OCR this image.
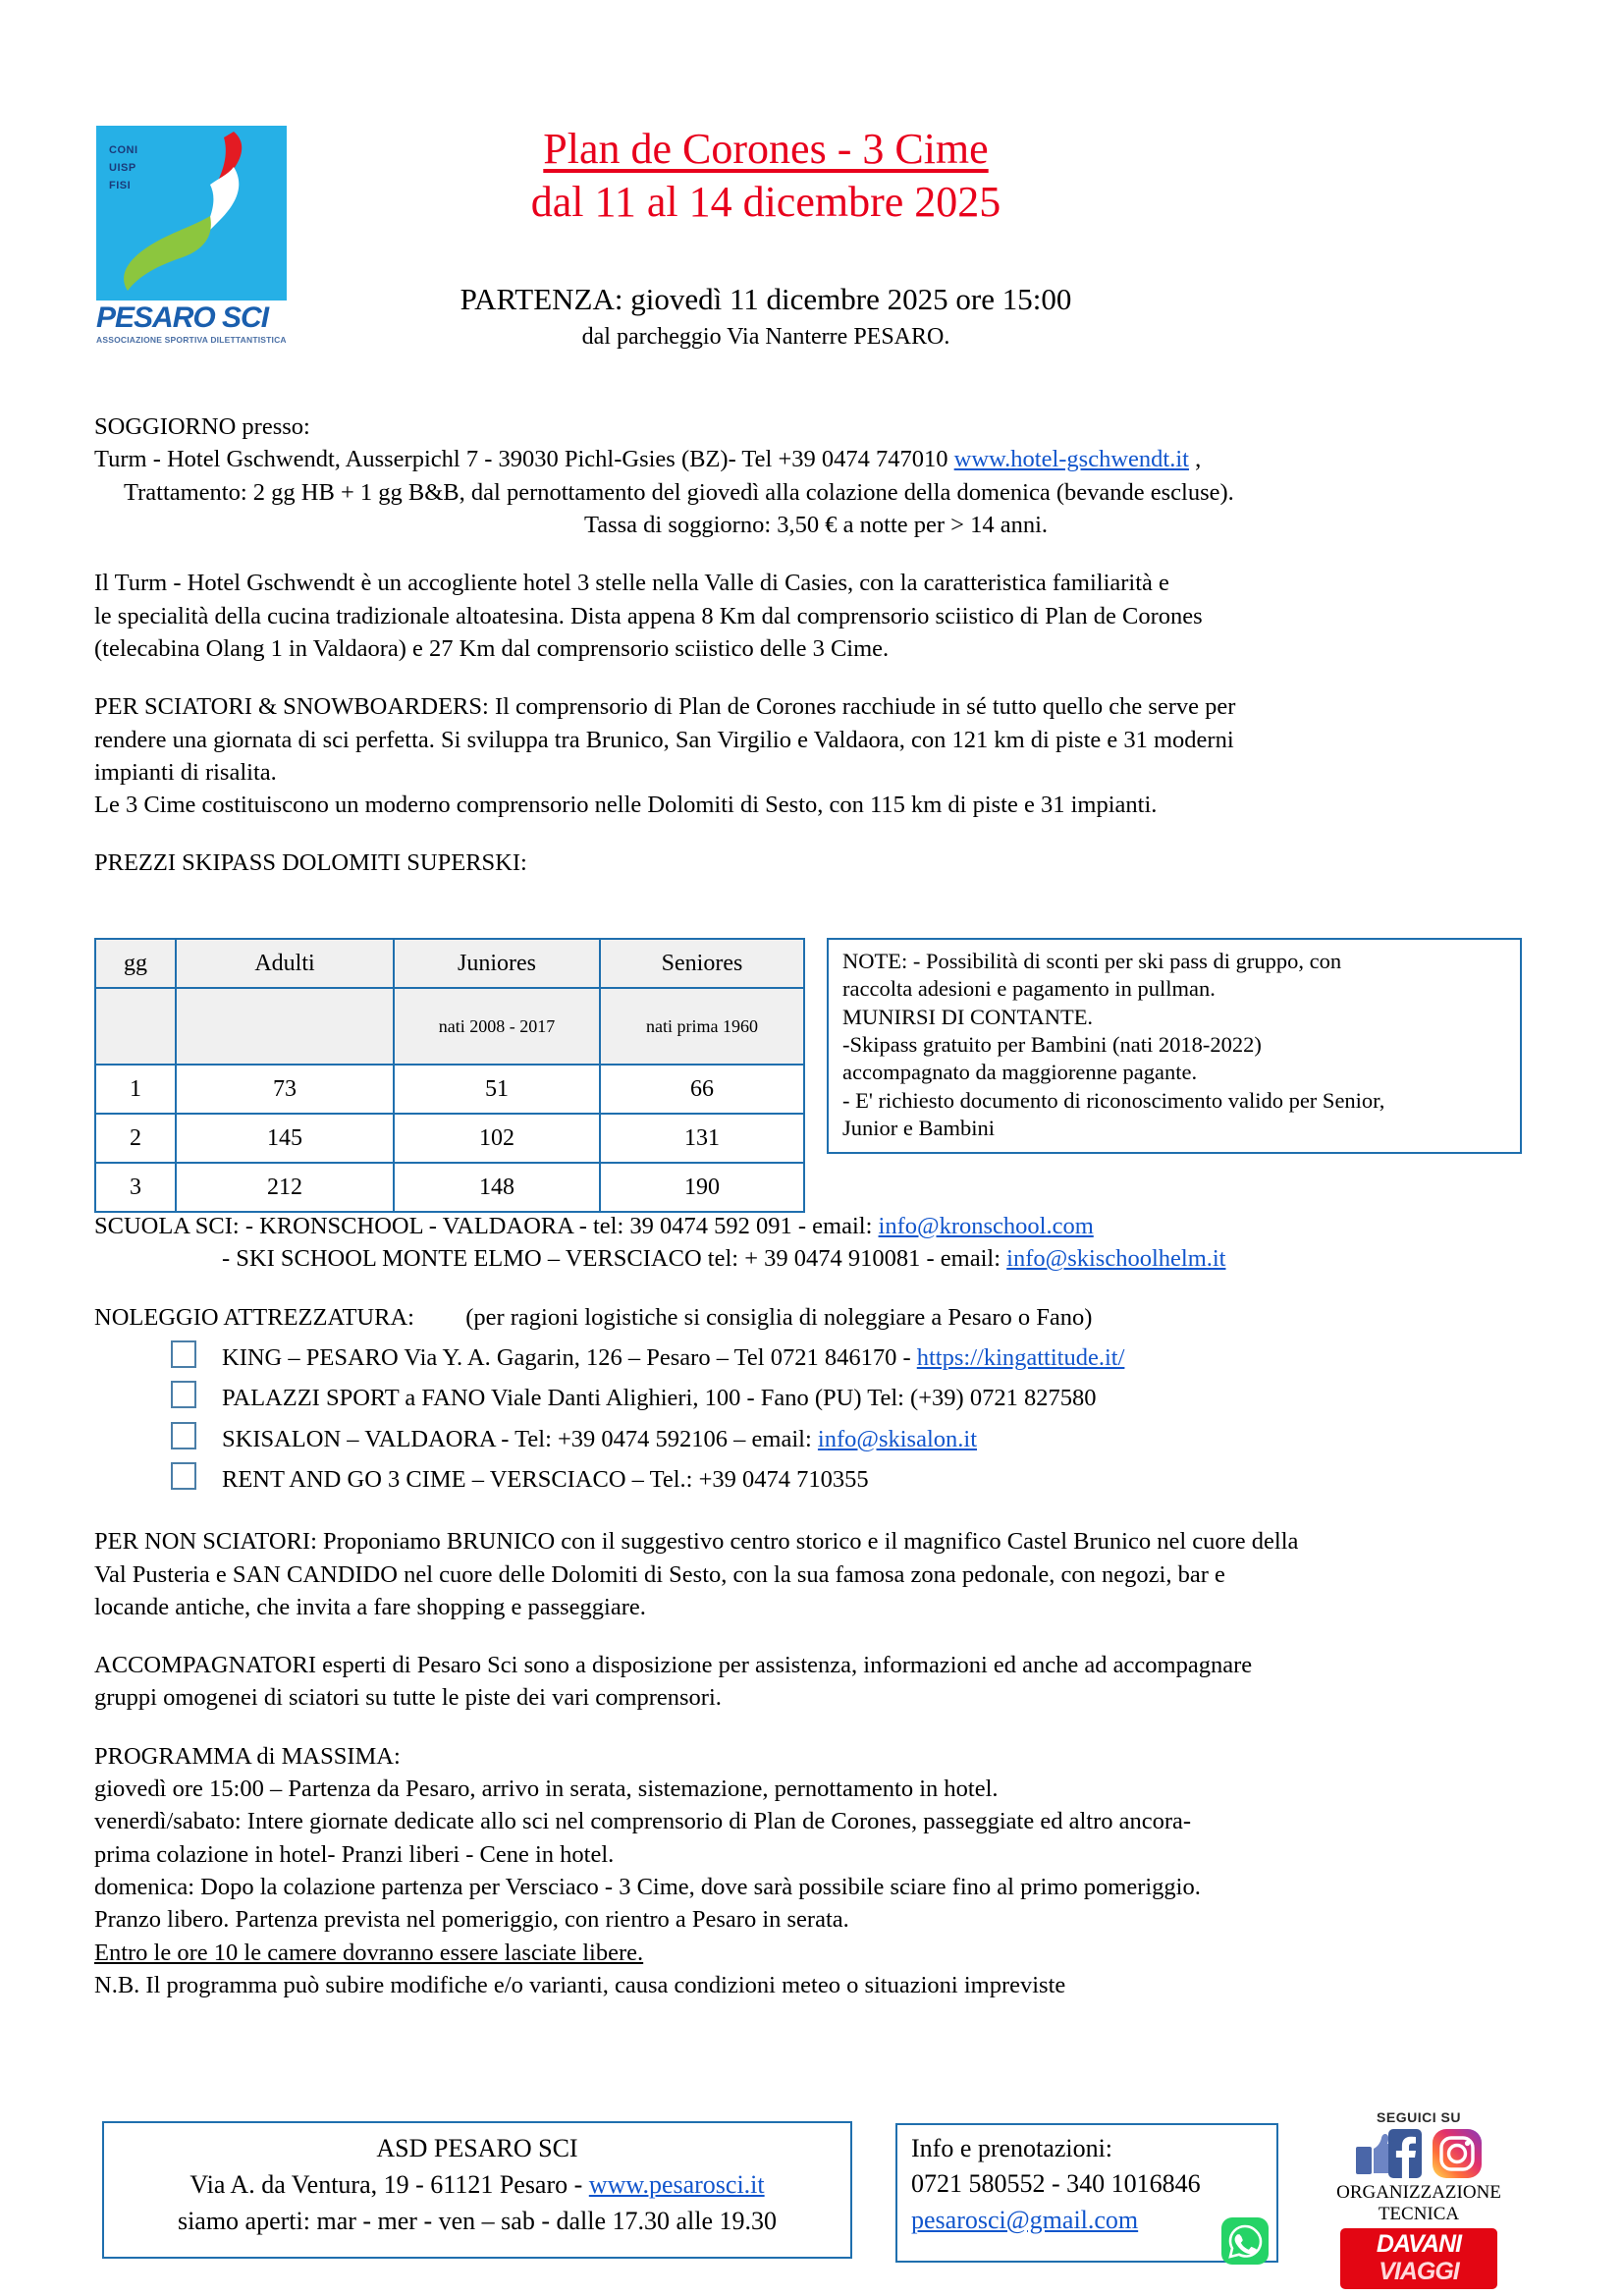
CONI
UISP
FISI
PESARO SCI
ASSOCIAZIONE SPORTIVA DILETTANTISTICA
Plan de Corones - 3 Cime
dal 11 al 14 dicembre 2025
PARTENZA: giovedì 11 dicembre 2025 ore 15:00
dal parcheggio Via Nanterre PESARO.
SOGGIORNO presso:
Turm - Hotel Gschwendt, Ausserpichl 7 - 39030 Pichl-Gsies (BZ)- Tel +39 0474 747010 www.hotel-gschwendt.it ,
Trattamento: 2 gg HB + 1 gg B&B, dal pernottamento del giovedì alla colazione della domenica (bevande escluse).
Tassa di soggiorno: 3,50 € a notte per > 14 anni.
Il Turm - Hotel Gschwendt è un accogliente hotel 3 stelle nella Valle di Casies, con la caratteristica familiarità e
le specialità della cucina tradizionale altoatesina. Dista appena 8 Km dal comprensorio sciistico di Plan de Corones
(telecabina Olang 1 in Valdaora) e 27 Km dal comprensorio sciistico delle 3 Cime.
PER SCIATORI & SNOWBOARDERS: Il comprensorio di Plan de Corones racchiude in sé tutto quello che serve per
rendere una giornata di sci perfetta. Si sviluppa tra Brunico, San Virgilio e Valdaora, con 121 km di piste e 31 moderni
impianti di risalita.
Le 3 Cime costituiscono un moderno comprensorio nelle Dolomiti di Sesto, con 115 km di piste e 31 impianti.
PREZZI SKIPASS DOLOMITI SUPERSKI:
gg	Adulti	Juniores	Seniores
		nati 2008 - 2017	nati prima 1960
1	73	51	66
2	145	102	131
3	212	148	190
NOTE: - Possibilità di sconti per ski pass di gruppo, con
raccolta adesioni e pagamento in pullman.
MUNIRSI DI CONTANTE.
-Skipass gratuito per Bambini (nati 2018-2022)
accompagnato da maggiorenne pagante.
- E' richiesto documento di riconoscimento valido per Senior,
Junior e Bambini
SCUOLA SCI: - KRONSCHOOL - VALDAORA - tel: 39 0474 592 091 - email: info@kronschool.com
- SKI SCHOOL MONTE ELMO – VERSCIACO tel: + 39 0474 910081 - email: info@skischoolhelm.it
NOLEGGIO ATTREZZATURA: (per ragioni logistiche si consiglia di noleggiare a Pesaro o Fano)
KING – PESARO Via Y. A. Gagarin, 126 – Pesaro – Tel 0721 846170 - https://kingattitude.it/
PALAZZI SPORT a FANO Viale Danti Alighieri, 100 - Fano (PU) Tel: (+39) 0721 827580
SKISALON – VALDAORA - Tel: +39 0474 592106 – email: info@skisalon.it
RENT AND GO 3 CIME – VERSCIACO – Tel.: +39 0474 710355
PER NON SCIATORI: Proponiamo BRUNICO con il suggestivo centro storico e il magnifico Castel Brunico nel cuore della
Val Pusteria e SAN CANDIDO nel cuore delle Dolomiti di Sesto, con la sua famosa zona pedonale, con negozi, bar e
locande antiche, che invita a fare shopping e passeggiare.
ACCOMPAGNATORI esperti di Pesaro Sci sono a disposizione per assistenza, informazioni ed anche ad accompagnare
gruppi omogenei di sciatori su tutte le piste dei vari comprensori.
PROGRAMMA di MASSIMA:
giovedì ore 15:00 – Partenza da Pesaro, arrivo in serata, sistemazione, pernottamento in hotel.
venerdì/sabato: Intere giornate dedicate allo sci nel comprensorio di Plan de Corones, passeggiate ed altro ancora-
prima colazione in hotel- Pranzi liberi - Cene in hotel.
domenica: Dopo la colazione partenza per Versciaco - 3 Cime, dove sarà possibile sciare fino al primo pomeriggio.
Pranzo libero. Partenza prevista nel pomeriggio, con rientro a Pesaro in serata.
Entro le ore 10 le camere dovranno essere lasciate libere.
N.B. Il programma può subire modifiche e/o varianti, causa condizioni meteo o situazioni impreviste
ASD PESARO SCI
Via A. da Ventura, 19 - 61121 Pesaro - www.pesarosci.it
siamo aperti: mar - mer - ven – sab - dalle 17.30 alle 19.30
Info e prenotazioni:
0721 580552 - 340 1016846
pesarosci@gmail.com
SEGUICI SU
ORGANIZZAZIONE TECNICA
DAVANI
VIAGGI
